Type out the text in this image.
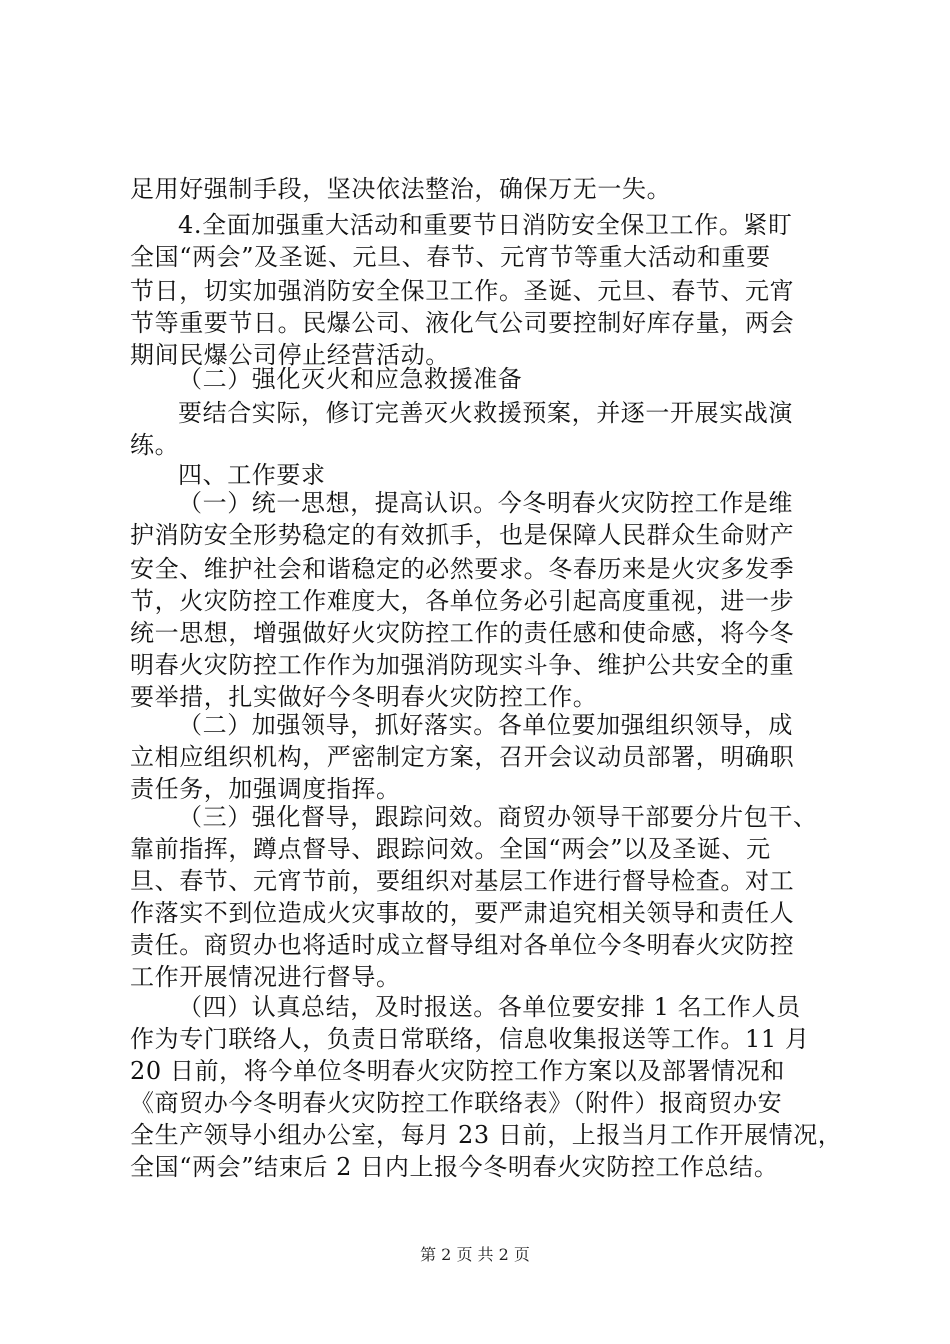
足用好强制手段，坚决依法整治，确保万无一失。
4.全面加强重大活动和重要节日消防安全保卫工作。紧盯
全国“两会”及圣诞、元旦、春节、元宵节等重大活动和重要
节日，切实加强消防安全保卫工作。圣诞、元旦、春节、元宵
节等重要节日。民爆公司、液化气公司要控制好库存量，两会
期间民爆公司停止经营活动。
（二）强化灭火和应急救援准备
要结合实际，修订完善灭火救援预案，并逐一开展实战演
练。
四、工作要求
（一）统一思想，提高认识。今冬明春火灾防控工作是维
护消防安全形势稳定的有效抓手，也是保障人民群众生命财产
安全、维护社会和谐稳定的必然要求。冬春历来是火灾多发季
节，火灾防控工作难度大，各单位务必引起高度重视，进一步
统一思想，增强做好火灾防控工作的责任感和使命感，将今冬
明春火灾防控工作作为加强消防现实斗争、维护公共安全的重
要举措，扎实做好今冬明春火灾防控工作。
（二）加强领导，抓好落实。各单位要加强组织领导，成
立相应组织机构，严密制定方案，召开会议动员部署，明确职
责任务，加强调度指挥。
（三）强化督导，跟踪问效。商贸办领导干部要分片包干、
靠前指挥，蹲点督导、跟踪问效。全国“两会”以及圣诞、元
旦、春节、元宵节前，要组织对基层工作进行督导检查。对工
作落实不到位造成火灾事故的，要严肃追究相关领导和责任人
责任。商贸办也将适时成立督导组对各单位今冬明春火灾防控
工作开展情况进行督导。
（四）认真总结，及时报送。各单位要安排 1 名工作人员
作为专门联络人，负责日常联络，信息收集报送等工作。11 月
20 日前，将今单位冬明春火灾防控工作方案以及部署情况和
《商贸办今冬明春火灾防控工作联络表》（附件）报商贸办安
全生产领导小组办公室，每月 23 日前，上报当月工作开展情况，
全国“两会”结束后 2 日内上报今冬明春火灾防控工作总结。
第 2 页 共 2 页
